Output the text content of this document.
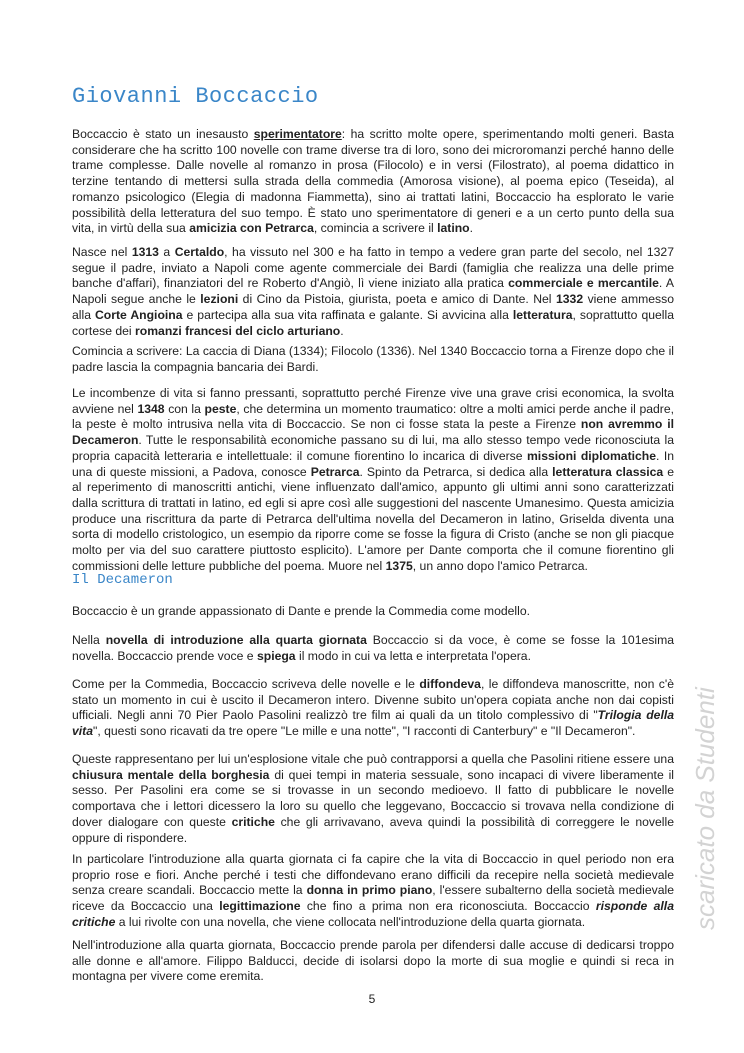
Giovanni Boccaccio

Boccaccio è stato un inesausto sperimentatore: ha scritto molte opere, sperimentando molti generi. Basta considerare che ha scritto 100 novelle con trame diverse tra di loro, sono dei microromanzi perché hanno delle trame complesse. Dalle novelle al romanzo in prosa (Filocolo) e in versi (Filostrato), al poema didattico in terzine tentando di mettersi sulla strada della commedia (Amorosa visione), al poema epico (Teseida), al romanzo psicologico (Elegia di madonna Fiammetta), sino ai trattati latini, Boccaccio ha esplorato le varie possibilità della letteratura del suo tempo. È stato uno sperimentatore di generi e a un certo punto della sua vita, in virtù della sua amicizia con Petrarca, comincia a scrivere il latino.

Nasce nel 1313 a Certaldo, ha vissuto nel 300 e ha fatto in tempo a vedere gran parte del secolo, nel 1327 segue il padre, inviato a Napoli come agente commerciale dei Bardi (famiglia che realizza una delle prime banche d'affari), finanziatori del re Roberto d'Angiò, lì viene iniziato alla pratica commerciale e mercantile. A Napoli segue anche le lezioni di Cino da Pistoia, giurista, poeta e amico di Dante. Nel 1332 viene ammesso alla Corte Angioina e partecipa alla sua vita raffinata e galante. Si avvicina alla letteratura, soprattutto quella cortese dei romanzi francesi del ciclo arturiano.

Comincia a scrivere: La caccia di Diana (1334); Filocolo (1336). Nel 1340 Boccaccio torna a Firenze dopo che il padre lascia la compagnia bancaria dei Bardi.

Le incombenze di vita si fanno pressanti, soprattutto perché Firenze vive una grave crisi economica, la svolta avviene nel 1348 con la peste, che determina un momento traumatico: oltre a molti amici perde anche il padre, la peste è molto intrusiva nella vita di Boccaccio. Se non ci fosse stata la peste a Firenze non avremmo il Decameron. Tutte le responsabilità economiche passano su di lui, ma allo stesso tempo vede riconosciuta la propria capacità letteraria e intellettuale: il comune fiorentino lo incarica di diverse missioni diplomatiche. In una di queste missioni, a Padova, conosce Petrarca. Spinto da Petrarca, si dedica alla letteratura classica e al reperimento di manoscritti antichi, viene influenzato dall'amico, appunto gli ultimi anni sono caratterizzati dalla scrittura di trattati in latino, ed egli si apre così alle suggestioni del nascente Umanesimo. Questa amicizia produce una riscrittura da parte di Petrarca dell'ultima novella del Decameron in latino, Griselda diventa una sorta di modello cristologico, un esempio da riporre come se fosse la figura di Cristo (anche se non gli piacque molto per via del suo carattere piuttosto esplicito). L'amore per Dante comporta che il comune fiorentino gli commissioni delle letture pubbliche del poema. Muore nel 1375, un anno dopo l'amico Petrarca.

Il Decameron

Boccaccio è un grande appassionato di Dante e prende la Commedia come modello.

Nella novella di introduzione alla quarta giornata Boccaccio si da voce, è come se fosse la 101esima novella. Boccaccio prende voce e spiega il modo in cui va letta e interpretata l'opera.

Come per la Commedia, Boccaccio scriveva delle novelle e le diffondeva, le diffondeva manoscritte, non c'è stato un momento in cui è uscito il Decameron intero. Divenne subito un'opera copiata anche non dai copisti ufficiali. Negli anni 70 Pier Paolo Pasolini realizzò tre film ai quali da un titolo complessivo di "Trilogia della vita", questi sono ricavati da tre opere "Le mille e una notte", "I racconti di Canterbury" e "Il Decameron".

Queste rappresentano per lui un'esplosione vitale che può contrapporsi a quella che Pasolini ritiene essere una chiusura mentale della borghesia di quei tempi in materia sessuale, sono incapaci di vivere liberamente il sesso. Per Pasolini era come se si trovasse in un secondo medioevo. Il fatto di pubblicare le novelle comportava che i lettori dicessero la loro su quello che leggevano, Boccaccio si trovava nella condizione di dover dialogare con queste critiche che gli arrivavano, aveva quindi la possibilità di correggere le novelle oppure di rispondere.

In particolare l'introduzione alla quarta giornata ci fa capire che la vita di Boccaccio in quel periodo non era proprio rose e fiori. Anche perché i testi che diffondevano erano difficili da recepire nella società medievale senza creare scandali. Boccaccio mette la donna in primo piano, l'essere subalterno della società medievale riceve da Boccaccio una legittimazione che fino a prima non era riconosciuta. Boccaccio risponde alla critiche a lui rivolte con una novella, che viene collocata nell'introduzione della quarta giornata.

Nell'introduzione alla quarta giornata, Boccaccio prende parola per difendersi dalle accuse di dedicarsi troppo alle donne e all'amore. Filippo Balducci, decide di isolarsi dopo la morte di sua moglie e quindi si reca in montagna per vivere come eremita.

scaricato da Studenti
5
